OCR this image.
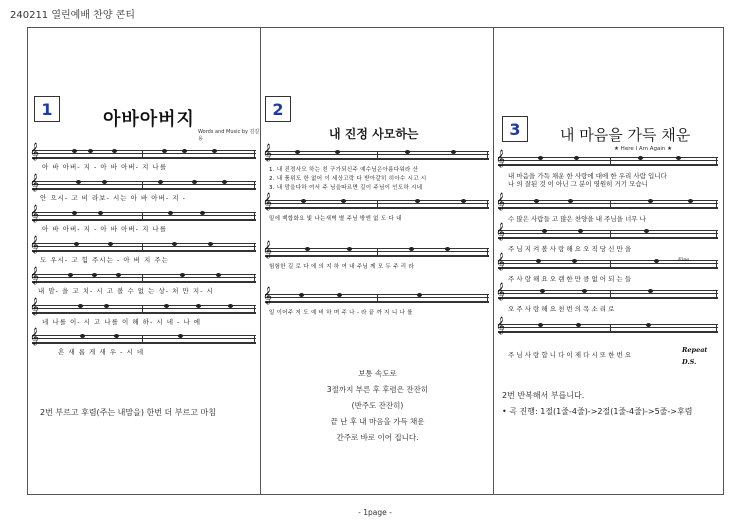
240211 열린예배 찬양 콘티
1	아바아버지
Words and Music by 김길용
𝄞
아 바 아버- 지 - 아 바 아버- 지 나를
𝄞
안 으시- 고 비 라보- 시는 아 바 아버- 지 -
𝄞
아 바 아버- 지 - 아 바 아버- 지 나를
𝄞
도 우시- 고 힘 주시는 - 아 버 지 주는
𝄞
내 맘- 을 고 치- 시 고 볼 수 없 는 상- 처 만 지- 시
𝄞
네 나를 이- 시 고 나를 이 해 하- 시 네 - 나 에
𝄞
흔 새 롭 게 새 우 - 시 네
2번 부르고 후렴(주는 내맘을) 한번 더 부르고 마침
2
내 진정 사모하는
𝄞
1. 내 진정사모 하는 친 구가되신주 예수님은아름다워라 산
2. 내 품위도 한 없어 이 세상고락 다 받아갚히 히아수 시고 시
3. 내 맘을다하 여서 주 님을따르면 길이 주님이 인도하 시네
𝄞
밑에 백합화요 빛 나는새벽 별 주님 밖엔 없 도 다 내
𝄞
험험한 길 로 다 에 의 지 하 여 내 주님 께 모 두 주 리 라
𝄞
일 이어주 저 도 예 비 하 며 주 나 - 라 끝 까 지 니 나 를
보통 속도로
3절까지 부른 후 후렴은 잔잔히
(반주도 잔잔히)
끝 난 후 내 마음을 가득 채운
간주로 바로 이어 집니다.
3	내 마음을 가득 채운
★ Here I Am Again ★
𝄞
내 마음을 가득 채운 한 사랑에 대에 한 우리 사람 입니다
나 의 잘된 것 이 아닌 그 분이 영원히 거기 모습니
𝄞
수 많은 사람들 고 많은 찬양을 내 주님을 너무 나
𝄞
주 님 지 켜 볼 사 랑 해 요 오 직 당 신 만 을
𝄞
주 사 랑 해 요 오 랜 한 만 큼 없 어 되 는 들
Fine
𝄞
오 주 사 랑 해 요 천 번 의 목 소 리 로
𝄞
주 님 사 랑 합 니 다 이 제 다 시 또 한 번 요
Repeat
D.S.
2번 반복해서 부릅니다.
• 곡 진행: 1절(1줄-4줄)->2절(1줄-4줄)->5줄->후렴
- 1page -
